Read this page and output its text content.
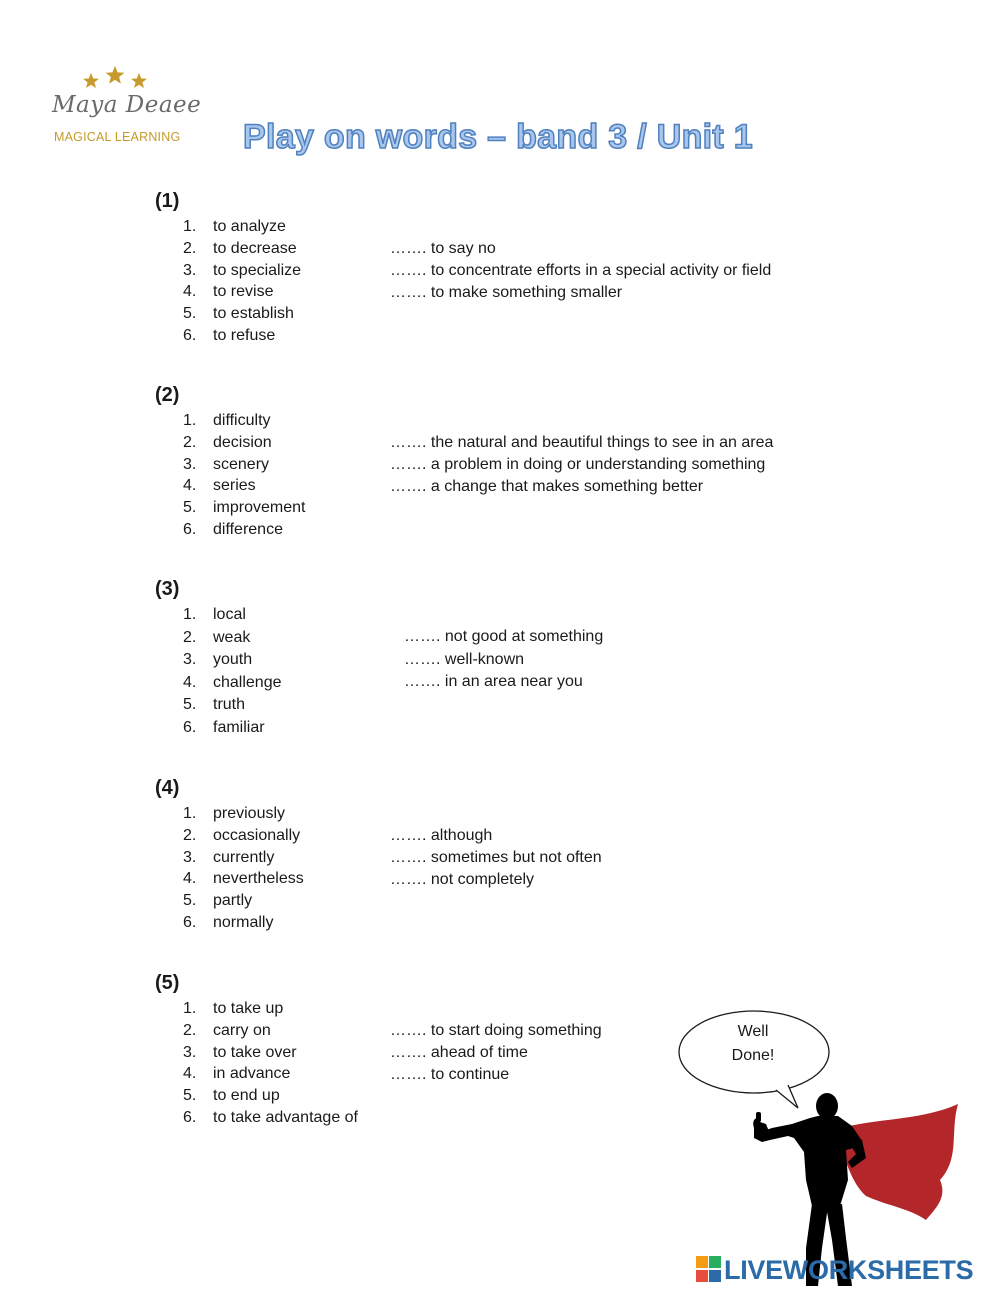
Maya Deaee
MAGICAL LEARNING	Play on words – band 3 / Unit 1
(1)
1. to analyze
2. to decrease
3. to specialize
4. to revise
5. to establish
6. to refuse
……. to say no
……. to concentrate efforts in a special activity or field
……. to make something smaller
(2)
1. difficulty
2. decision
3. scenery
4. series
5. improvement
6. difference
……. the natural and beautiful things to see in an area
……. a problem in doing or understanding something
……. a change that makes something better
(3)
1. local
2. weak
3. youth
4. challenge
5. truth
6. familiar
……. not good at something
……. well-known
……. in an area near you
(4)
1. previously
2. occasionally
3. currently
4. nevertheless
5. partly
6. normally
……. although
……. sometimes but not often
……. not completely
(5)
1. to take up
2. carry on
3. to take over
4. in advance
5. to end up
6. to take advantage of
……. to start doing something
……. ahead of time
……. to continue
Well
Done!
LIVEWORKSHEETS
